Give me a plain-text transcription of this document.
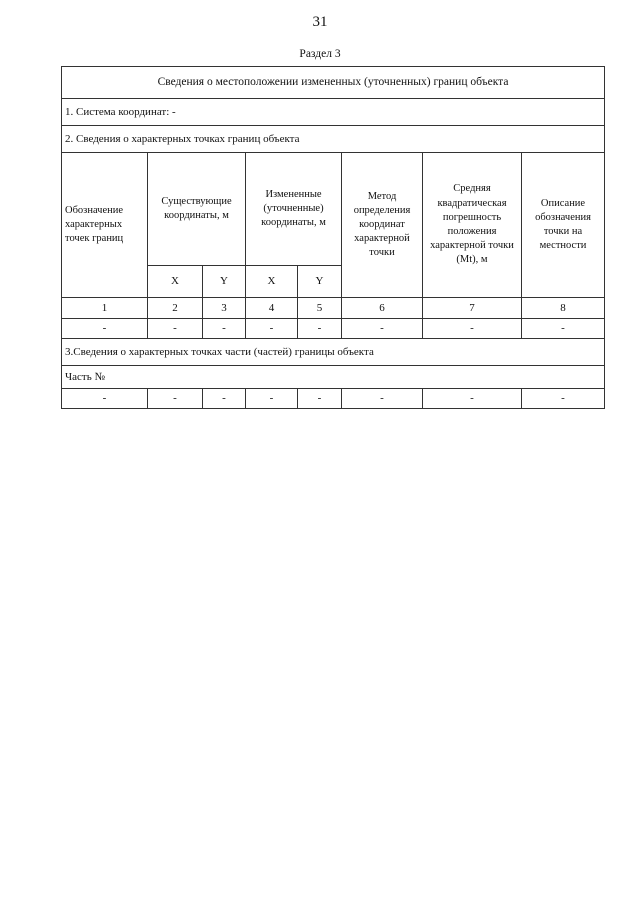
31
Раздел 3
Сведения о местоположении измененных (уточненных) границ объекта							
1. Система координат: -							
2. Сведения о характерных точках границ объекта							
Обозначение характерных точек границ	Существующие координаты, м		Измененные (уточненные) координаты, м		Метод определения координат характерной точки	Средняя квадратическая погрешность положения характерной точки (Mt), м	Описание обозначения точки на местности
	X	Y	X	Y			
1	2	3	4	5	6	7	8
-	-	-	-	-	-	-	-
3.Сведения о характерных точках части (частей) границы объекта							
Часть №							
-	-	-	-	-	-	-	-
